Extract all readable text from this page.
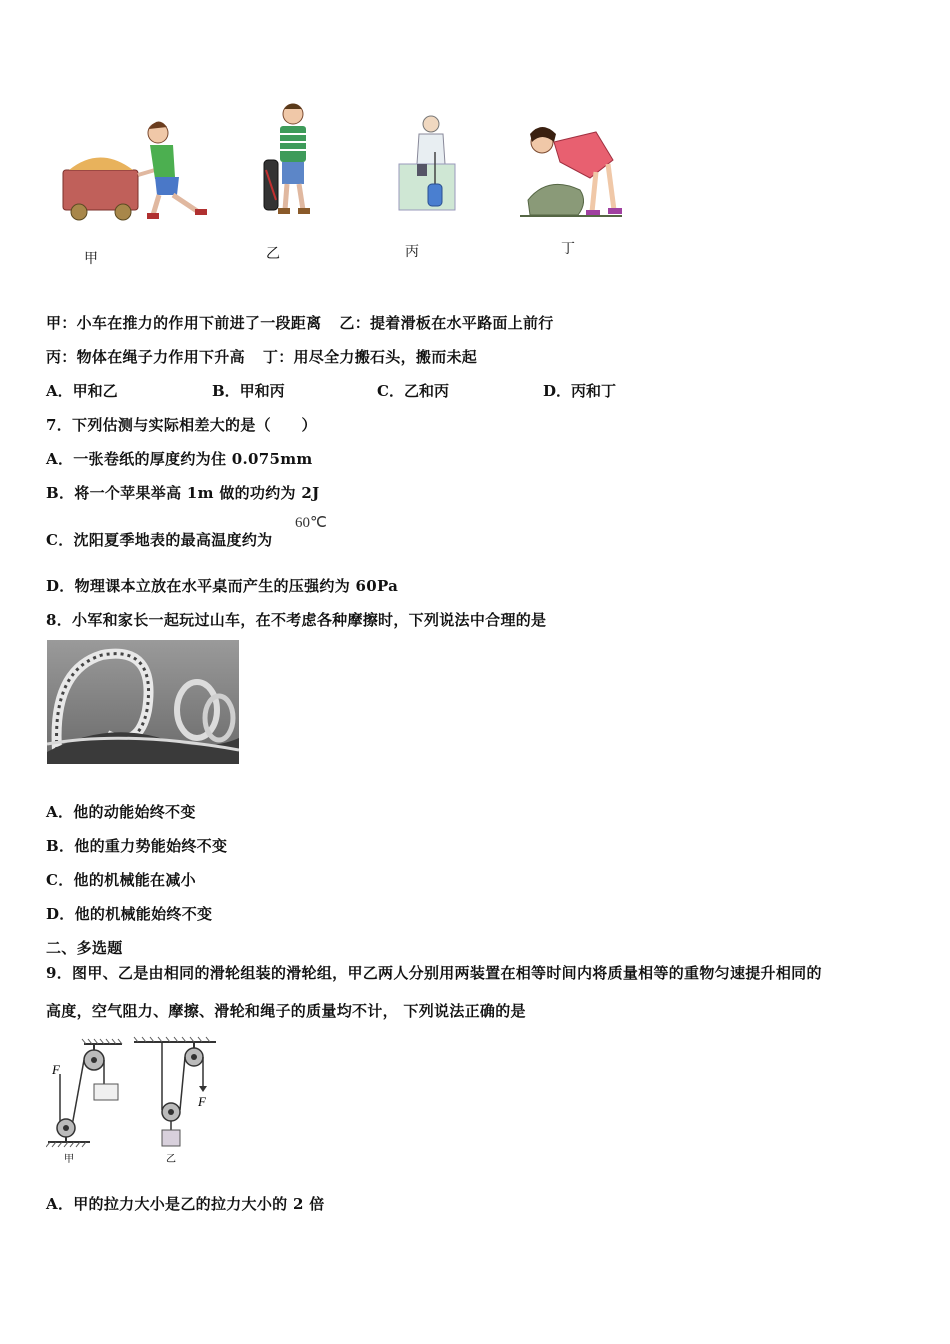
甲	乙	丙	丁
甲：小车在推力的作用下前进了一段距离 乙：提着滑板在水平路面上前行
丙：物体在绳子力作用下升高 丁：用尽全力搬石头，搬而未起
A．甲和乙	B．甲和丙	C．乙和丙	D．丙和丁
7．下列估测与实际相差大的是（　　）
A．一张卷纸的厚度约为住 0.075mm
B．将一个苹果举高 1m 做的功约为 2J
C．沈阳夏季地表的最高温度约为
60℃
D．物理课本立放在水平桌而产生的压强约为 60Pa
8．小军和家长一起玩过山车，在不考虑各种摩擦时，下列说法中合理的是
A．他的动能始终不变
B．他的重力势能始终不变
C．他的机械能在减小
D．他的机械能始终不变
二、多选题
9．图甲、乙是由相同的滑轮组装的滑轮组，甲乙两人分别用两装置在相等时间内将质量相等的重物匀速提升相同的
高度，空气阻力、摩擦、滑轮和绳子的质量均不计， 下列说法正确的是
F
甲
F
乙
A．甲的拉力大小是乙的拉力大小的 2 倍
